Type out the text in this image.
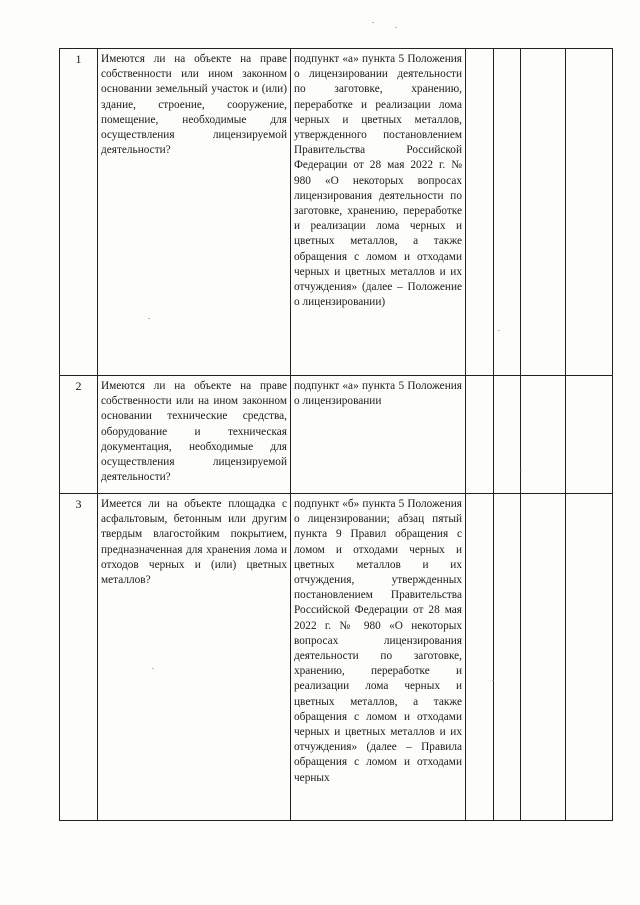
1	Имеются ли на объекте на праве собственности или ином законном основании земельный участок и (или) здание, строение, сооружение, помещение, необходимые для осуществления лицензируемой деятельности?	подпункт «а» пункта 5 Положения о лицензировании деятельности по заготовке, хранению, переработке и реализации лома черных и цветных металлов, утвержденного постановлением Правительства Российской Федерации от 28 мая 2022 г. № 980 «О некоторых вопросах лицензирования деятельности по заготовке, хранению, переработке и реализации лома черных и цветных металлов, а также обращения с ломом и отходами черных и цветных металлов и их отчуждения» (далее – Положение о лицензировании)				

2	Имеются ли на объекте на праве собственности или на ином законном основании технические средства, оборудование и техническая документация, необходимые для осуществления лицензируемой деятельности?	подпункт «а» пункта 5 Положения о лицензировании				

3	Имеется ли на объекте площадка с асфальтовым, бетонным или другим твердым влагостойким покрытием, предназначенная для хранения лома и отходов черных и (или) цветных металлов?	подпункт «б» пункта 5 Положения о лицензировании; абзац пятый пункта 9 Правил обращения с ломом и отходами черных и цветных металлов и их отчуждения, утвержденных постановлением Правительства Российской Федерации от 28 мая 2022 г. № 980 «О некоторых вопросах лицензирования деятельности по заготовке, хранению, переработке и реализации лома черных и цветных металлов, а также обращения с ломом и отходами черных и цветных металлов и их отчуждения» (далее – Правила обращения с ломом и отходами черных				
